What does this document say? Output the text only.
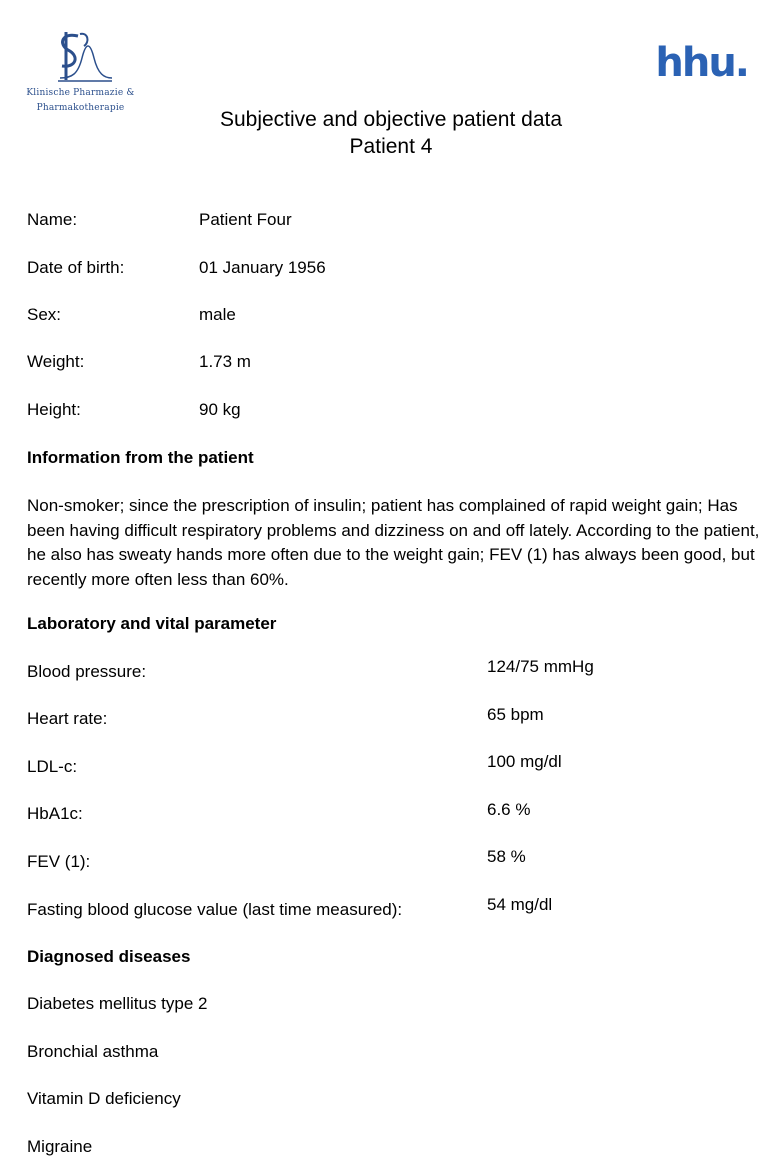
Klinische Pharmazie &
Pharmakotherapie
hhu.
Subjective and objective patient data
Patient 4
Name:	Patient Four
Date of birth:	01 January 1956
Sex:	male
Weight:	1.73 m
Height:	90 kg
Information from the patient
Non-smoker; since the prescription of insulin; patient has complained of rapid weight gain; Has been having difficult respiratory problems and dizziness on and off lately. According to the patient, he also has sweaty hands more often due to the weight gain; FEV (1) has always been good, but recently more often less than 60%.
Laboratory and vital parameter
Blood pressure:	124/75 mmHg
Heart rate:	65 bpm
LDL-c:	100 mg/dl
HbA1c:	6.6 %
FEV (1):	58 %
Fasting blood glucose value (last time measured):	54 mg/dl
Diagnosed diseases
Diabetes mellitus type 2
Bronchial asthma
Vitamin D deficiency
Migraine
